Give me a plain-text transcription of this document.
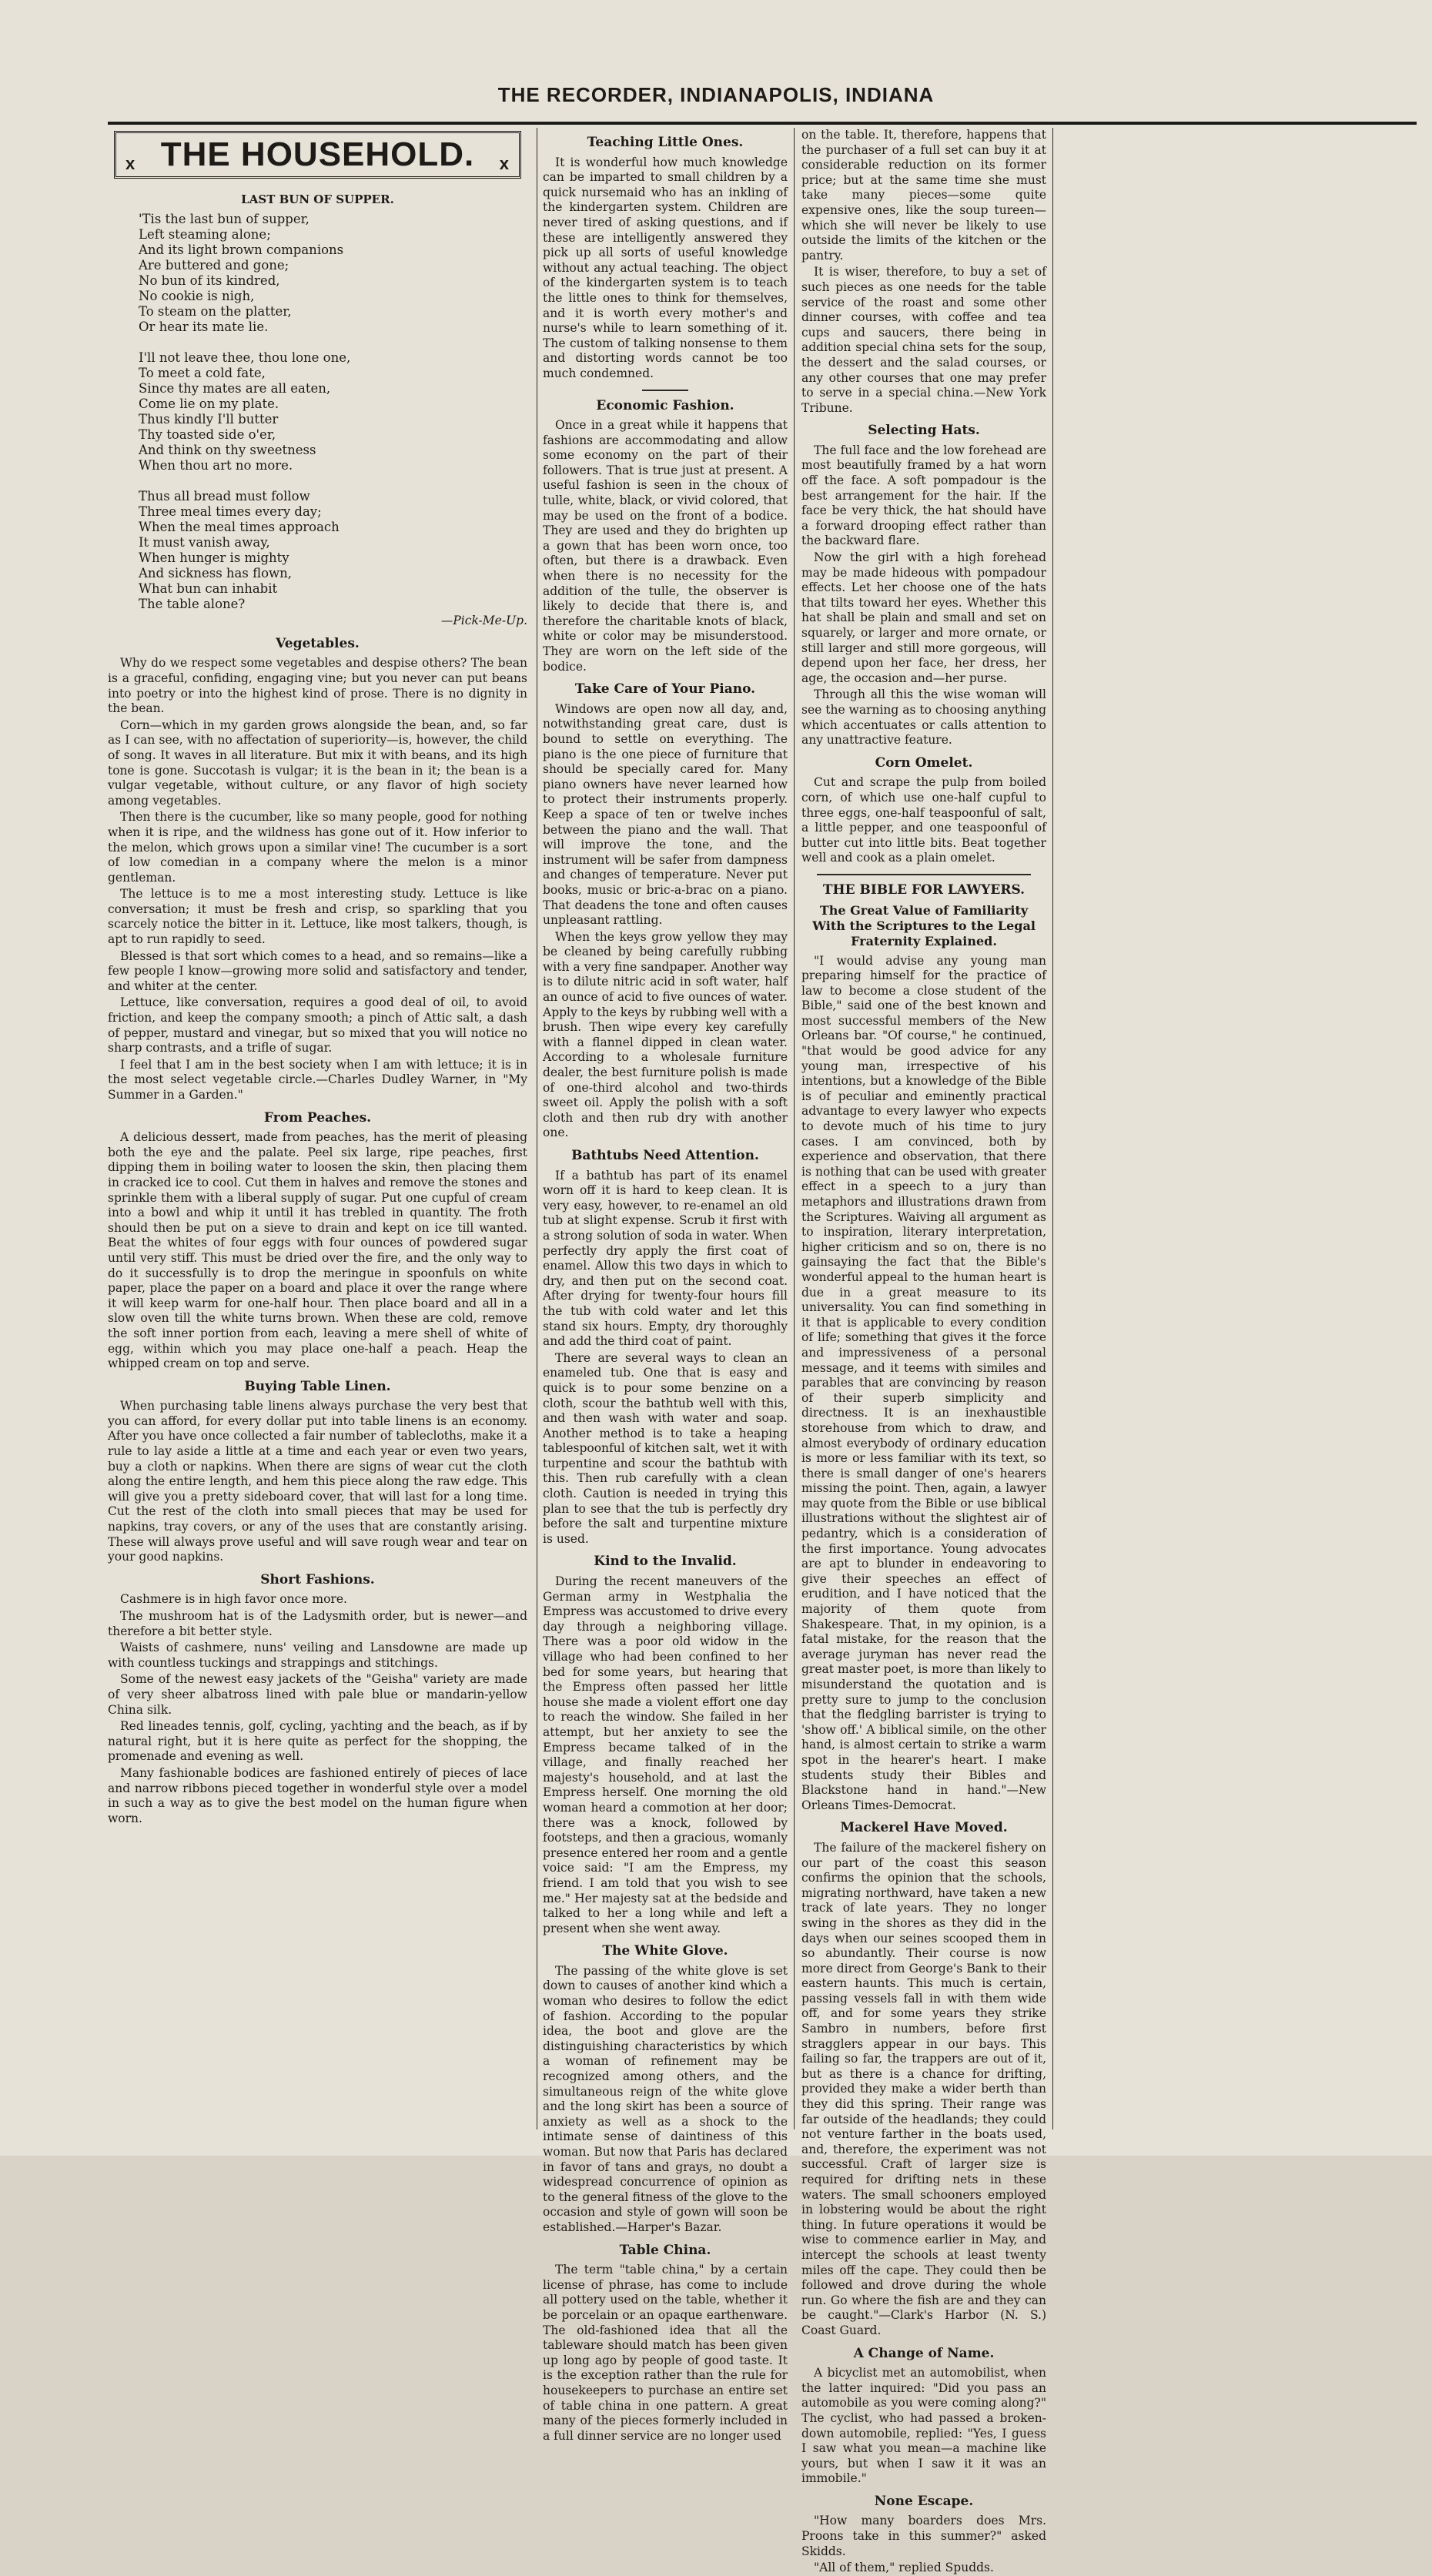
THE RECORDER, INDIANAPOLIS, INDIANA
x THE HOUSEHOLD. x
LAST BUN OF SUPPER.

'Tis the last bun of supper,
Left steaming alone;
And its light brown companions
Are buttered and gone;
No bun of its kindred,
No cookie is nigh,
To steam on the platter,
Or hear its mate lie.

I'll not leave thee, thou lone one,
To meet a cold fate,
Since thy mates are all eaten,
Come lie on my plate.
Thus kindly I'll butter
Thy toasted side o'er,
And think on thy sweetness
When thou art no more.

Thus all bread must follow
Three meal times every day;
When the meal times approach
It must vanish away,
When hunger is mighty
And sickness has flown,
What bun can inhabit
The table alone?

—Pick-Me-Up.

Vegetables.

Why do we respect some vegetables and despise others? The bean is a graceful, confiding, engaging vine; but you never can put beans into poetry or into the highest kind of prose. There is no dignity in the bean.

Corn—which in my garden grows alongside the bean, and, so far as I can see, with no affectation of superiority—is, however, the child of song. It waves in all literature. But mix it with beans, and its high tone is gone. Succotash is vulgar; it is the bean in it; the bean is a vulgar vegetable, without culture, or any flavor of high society among vegetables.

Then there is the cucumber, like so many people, good for nothing when it is ripe, and the wildness has gone out of it. How inferior to the melon, which grows upon a similar vine! The cucumber is a sort of low comedian in a company where the melon is a minor gentleman.

The lettuce is to me a most interesting study. Lettuce is like conversation; it must be fresh and crisp, so sparkling that you scarcely notice the bitter in it. Lettuce, like most talkers, though, is apt to run rapidly to seed.

Blessed is that sort which comes to a head, and so remains—like a few people I know—growing more solid and satisfactory and tender, and whiter at the center.

Lettuce, like conversation, requires a good deal of oil, to avoid friction, and keep the company smooth; a pinch of Attic salt, a dash of pepper, mustard and vinegar, but so mixed that you will notice no sharp contrasts, and a trifle of sugar.

I feel that I am in the best society when I am with lettuce; it is in the most select vegetable circle.—Charles Dudley Warner, in "My Summer in a Garden."

From Peaches.

A delicious dessert, made from peaches, has the merit of pleasing both the eye and the palate. Peel six large, ripe peaches, first dipping them in boiling water to loosen the skin, then placing them in cracked ice to cool. Cut them in halves and remove the stones and sprinkle them with a liberal supply of sugar. Put one cupful of cream into a bowl and whip it until it has trebled in quantity. The froth should then be put on a sieve to drain and kept on ice till wanted. Beat the whites of four eggs with four ounces of powdered sugar until very stiff. This must be dried over the fire, and the only way to do it successfully is to drop the meringue in spoonfuls on white paper, place the paper on a board and place it over the range where it will keep warm for one-half hour. Then place board and all in a slow oven till the white turns brown. When these are cold, remove the soft inner portion from each, leaving a mere shell of white of egg, within which you may place one-half a peach. Heap the whipped cream on top and serve.

Buying Table Linen.

When purchasing table linens always purchase the very best that you can afford, for every dollar put into table linens is an economy. After you have once collected a fair number of tablecloths, make it a rule to lay aside a little at a time and each year or even two years, buy a cloth or napkins. When there are signs of wear cut the cloth along the entire length, and hem this piece along the raw edge. This will give you a pretty sideboard cover, that will last for a long time. Cut the rest of the cloth into small pieces that may be used for napkins, tray covers, or any of the uses that are constantly arising. These will always prove useful and will save rough wear and tear on your good napkins.

Short Fashions.

Cashmere is in high favor once more.

The mushroom hat is of the Ladysmith order, but is newer—and therefore a bit better style.

Waists of cashmere, nuns' veiling and Lansdowne are made up with countless tuckings and strappings and stitchings.

Some of the newest easy jackets of the "Geisha" variety are made of very sheer albatross lined with pale blue or mandarin-yellow China silk.

Red lineades tennis, golf, cycling, yachting and the beach, as if by natural right, but it is here quite as perfect for the shopping, the promenade and evening as well.

Many fashionable bodices are fashioned entirely of pieces of lace and narrow ribbons pieced together in wonderful style over a model in such a way as to give the best model on the human figure when worn.

Teaching Little Ones.

It is wonderful how much knowledge can be imparted to small children by a quick nursemaid who has an inkling of the kindergarten system. Children are never tired of asking questions, and if these are intelligently answered they pick up all sorts of useful knowledge without any actual teaching. The object of the kindergarten system is to teach the little ones to think for themselves, and it is worth every mother's and nurse's while to learn something of it. The custom of talking nonsense to them and distorting words cannot be too much condemned.

Economic Fashion.

Once in a great while it happens that fashions are accommodating and allow some economy on the part of their followers. That is true just at present. A useful fashion is seen in the choux of tulle, white, black, or vivid colored, that may be used on the front of a bodice. They are used and they do brighten up a gown that has been worn once, too often, but there is a drawback. Even when there is no necessity for the addition of the tulle, the observer is likely to decide that there is, and therefore the charitable knots of black, white or color may be misunderstood. They are worn on the left side of the bodice.

Take Care of Your Piano.

Windows are open now all day, and, notwithstanding great care, dust is bound to settle on everything. The piano is the one piece of furniture that should be specially cared for. Many piano owners have never learned how to protect their instruments properly. Keep a space of ten or twelve inches between the piano and the wall. That will improve the tone, and the instrument will be safer from dampness and changes of temperature. Never put books, music or bric-a-brac on a piano. That deadens the tone and often causes unpleasant rattling.

When the keys grow yellow they may be cleaned by being carefully rubbing with a very fine sandpaper. Another way is to dilute nitric acid in soft water, half an ounce of acid to five ounces of water. Apply to the keys by rubbing well with a brush. Then wipe every key carefully with a flannel dipped in clean water. According to a wholesale furniture dealer, the best furniture polish is made of one-third alcohol and two-thirds sweet oil. Apply the polish with a soft cloth and then rub dry with another one.

Bathtubs Need Attention.

If a bathtub has part of its enamel worn off it is hard to keep clean. It is very easy, however, to re-enamel an old tub at slight expense. Scrub it first with a strong solution of soda in water. When perfectly dry apply the first coat of enamel. Allow this two days in which to dry, and then put on the second coat. After drying for twenty-four hours fill the tub with cold water and let this stand six hours. Empty, dry thoroughly and add the third coat of paint.

There are several ways to clean an enameled tub. One that is easy and quick is to pour some benzine on a cloth, scour the bathtub well with this, and then wash with water and soap. Another method is to take a heaping tablespoonful of kitchen salt, wet it with turpentine and scour the bathtub with this. Then rub carefully with a clean cloth. Caution is needed in trying this plan to see that the tub is perfectly dry before the salt and turpentine mixture is used.

Kind to the Invalid.

During the recent maneuvers of the German army in Westphalia the Empress was accustomed to drive every day through a neighboring village. There was a poor old widow in the village who had been confined to her bed for some years, but hearing that the Empress often passed her little house she made a violent effort one day to reach the window. She failed in her attempt, but her anxiety to see the Empress became talked of in the village, and finally reached her majesty's household, and at last the Empress herself. One morning the old woman heard a commotion at her door; there was a knock, followed by footsteps, and then a gracious, womanly presence entered her room and a gentle voice said: "I am the Empress, my friend. I am told that you wish to see me." Her majesty sat at the bedside and talked to her a long while and left a present when she went away.

The White Glove.

The passing of the white glove is set down to causes of another kind which a woman who desires to follow the edict of fashion. According to the popular idea, the boot and glove are the distinguishing characteristics by which a woman of refinement may be recognized among others, and the simultaneous reign of the white glove and the long skirt has been a source of anxiety as well as a shock to the intimate sense of daintiness of this woman. But now that Paris has declared in favor of tans and grays, no doubt a widespread concurrence of opinion as to the general fitness of the glove to the occasion and style of gown will soon be established.—Harper's Bazar.

Table China.

The term "table china," by a certain license of phrase, has come to include all pottery used on the table, whether it be porcelain or an opaque earthenware. The old-fashioned idea that all the tableware should match has been given up long ago by people of good taste. It is the exception rather than the rule for housekeepers to purchase an entire set of table china in one pattern. A great many of the pieces formerly included in a full dinner service are no longer used

on the table. It, therefore, happens that the purchaser of a full set can buy it at considerable reduction on its former price; but at the same time she must take many pieces—some quite expensive ones, like the soup tureen—which she will never be likely to use outside the limits of the kitchen or the pantry.

It is wiser, therefore, to buy a set of such pieces as one needs for the table service of the roast and some other dinner courses, with coffee and tea cups and saucers, there being in addition special china sets for the soup, the dessert and the salad courses, or any other courses that one may prefer to serve in a special china.—New York Tribune.

Selecting Hats.

The full face and the low forehead are most beautifully framed by a hat worn off the face. A soft pompadour is the best arrangement for the hair. If the face be very thick, the hat should have a forward drooping effect rather than the backward flare.

Now the girl with a high forehead may be made hideous with pompadour effects. Let her choose one of the hats that tilts toward her eyes. Whether this hat shall be plain and small and set on squarely, or larger and more ornate, or still larger and still more gorgeous, will depend upon her face, her dress, her age, the occasion and—her purse.

Through all this the wise woman will see the warning as to choosing anything which accentuates or calls attention to any unattractive feature.

Corn Omelet.

Cut and scrape the pulp from boiled corn, of which use one-half cupful to three eggs, one-half teaspoonful of salt, a little pepper, and one teaspoonful of butter cut into little bits. Beat together well and cook as a plain omelet.

THE BIBLE FOR LAWYERS.
The Great Value of Familiarity With the Scriptures to the Legal Fraternity Explained.

"I would advise any young man preparing himself for the practice of law to become a close student of the Bible," said one of the best known and most successful members of the New Orleans bar. "Of course," he continued, "that would be good advice for any young man, irrespective of his intentions, but a knowledge of the Bible is of peculiar and eminently practical advantage to every lawyer who expects to devote much of his time to jury cases. I am convinced, both by experience and observation, that there is nothing that can be used with greater effect in a speech to a jury than metaphors and illustrations drawn from the Scriptures. Waiving all argument as to inspiration, literary interpretation, higher criticism and so on, there is no gainsaying the fact that the Bible's wonderful appeal to the human heart is due in a great measure to its universality. You can find something in it that is applicable to every condition of life; something that gives it the force and impressiveness of a personal message, and it teems with similes and parables that are convincing by reason of their superb simplicity and directness. It is an inexhaustible storehouse from which to draw, and almost everybody of ordinary education is more or less familiar with its text, so there is small danger of one's hearers missing the point. Then, again, a lawyer may quote from the Bible or use biblical illustrations without the slightest air of pedantry, which is a consideration of the first importance. Young advocates are apt to blunder in endeavoring to give their speeches an effect of erudition, and I have noticed that the majority of them quote from Shakespeare. That, in my opinion, is a fatal mistake, for the reason that the average juryman has never read the great master poet, is more than likely to misunderstand the quotation and is pretty sure to jump to the conclusion that the fledgling barrister is trying to 'show off.' A biblical simile, on the other hand, is almost certain to strike a warm spot in the hearer's heart. I make students study their Bibles and Blackstone hand in hand."—New Orleans Times-Democrat.

Mackerel Have Moved.

The failure of the mackerel fishery on our part of the coast this season confirms the opinion that the schools, migrating northward, have taken a new track of late years. They no longer swing in the shores as they did in the days when our seines scooped them in so abundantly. Their course is now more direct from George's Bank to their eastern haunts. This much is certain, passing vessels fall in with them wide off, and for some years they strike Sambro in numbers, before first stragglers appear in our bays. This failing so far, the trappers are out of it, but as there is a chance for drifting, provided they make a wider berth than they did this spring. Their range was far outside of the headlands; they could not venture farther in the boats used, and, therefore, the experiment was not successful. Craft of larger size is required for drifting nets in these waters. The small schooners employed in lobstering would be about the right thing. In future operations it would be wise to commence earlier in May, and intercept the schools at least twenty miles off the cape. They could then be followed and drove during the whole run. Go where the fish are and they can be caught."—Clark's Harbor (N. S.) Coast Guard.

A Change of Name.

A bicyclist met an automobilist, when the latter inquired: "Did you pass an automobile as you were coming along?" The cyclist, who had passed a broken-down automobile, replied: "Yes, I guess I saw what you mean—a machine like yours, but when I saw it it was an immobile."

None Escape.

"How many boarders does Mrs. Proons take in this summer?" asked Skidds.

"All of them," replied Spudds.
